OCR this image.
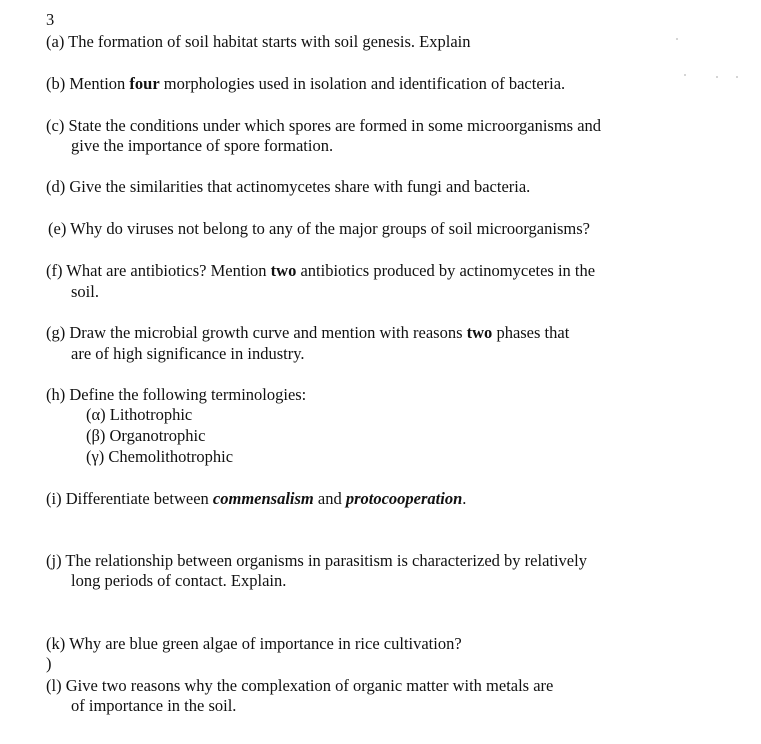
3
(a) The formation of soil habitat starts with soil genesis. Explain
(b) Mention four morphologies used in isolation and identification of bacteria.
(c) State the conditions under which spores are formed in some microorganisms and
give the importance of spore formation.
(d) Give the similarities that actinomycetes share with fungi and bacteria.
(e) Why do viruses not belong to any of the major groups of soil microorganisms?
(f) What are antibiotics? Mention two antibiotics produced by actinomycetes in the
soil.
(g) Draw the microbial growth curve and mention with reasons two phases that
are of high significance in industry.
(h) Define the following terminologies:
(α) Lithotrophic
(β) Organotrophic
(γ) Chemolithotrophic
(i) Differentiate between commensalism and protocooperation.
(j) The relationship between organisms in parasitism is characterized by relatively
long periods of contact. Explain.
(k) Why are blue green algae of importance in rice cultivation?
)
(l) Give two reasons why the complexation of organic matter with metals are
of importance in the soil.
